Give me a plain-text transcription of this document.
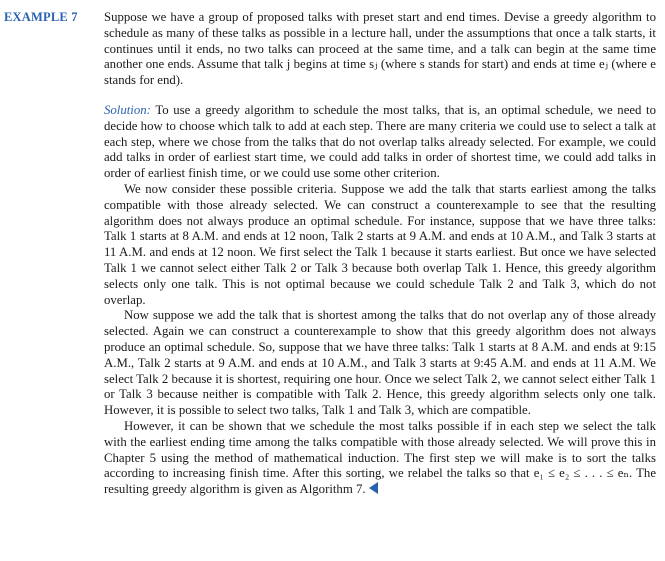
EXAMPLE 7 Suppose we have a group of proposed talks with preset start and end times. Devise a greedy algorithm to schedule as many of these talks as possible in a lecture hall, under the assumptions that once a talk starts, it continues until it ends, no two talks can proceed at the same time, and a talk can begin at the same time another one ends. Assume that talk j begins at time sⱼ (where s stands for start) and ends at time eⱼ (where e stands for end).

Solution: To use a greedy algorithm to schedule the most talks, that is, an optimal schedule, we need to decide how to choose which talk to add at each step. There are many criteria we could use to select a talk at each step, where we chose from the talks that do not overlap talks already selected. For example, we could add talks in order of earliest start time, we could add talks in order of shortest time, we could add talks in order of earliest finish time, or we could use some other criterion.

We now consider these possible criteria. Suppose we add the talk that starts earliest among the talks compatible with those already selected. We can construct a counterexample to see that the resulting algorithm does not always produce an optimal schedule. For instance, suppose that we have three talks: Talk 1 starts at 8 A.M. and ends at 12 noon, Talk 2 starts at 9 A.M. and ends at 10 A.M., and Talk 3 starts at 11 A.M. and ends at 12 noon. We first select the Talk 1 because it starts earliest. But once we have selected Talk 1 we cannot select either Talk 2 or Talk 3 because both overlap Talk 1. Hence, this greedy algorithm selects only one talk. This is not optimal because we could schedule Talk 2 and Talk 3, which do not overlap.

Now suppose we add the talk that is shortest among the talks that do not overlap any of those already selected. Again we can construct a counterexample to show that this greedy algorithm does not always produce an optimal schedule. So, suppose that we have three talks: Talk 1 starts at 8 A.M. and ends at 9:15 A.M., Talk 2 starts at 9 A.M. and ends at 10 A.M., and Talk 3 starts at 9:45 A.M. and ends at 11 A.M. We select Talk 2 because it is shortest, requiring one hour. Once we select Talk 2, we cannot select either Talk 1 or Talk 3 because neither is compatible with Talk 2. Hence, this greedy algorithm selects only one talk. However, it is possible to select two talks, Talk 1 and Talk 3, which are compatible.

However, it can be shown that we schedule the most talks possible if in each step we select the talk with the earliest ending time among the talks compatible with those already selected. We will prove this in Chapter 5 using the method of mathematical induction. The first step we will make is to sort the talks according to increasing finish time. After this sorting, we relabel the talks so that e₁ ≤ e₂ ≤ . . . ≤ eₙ. The resulting greedy algorithm is given as Algorithm 7.
